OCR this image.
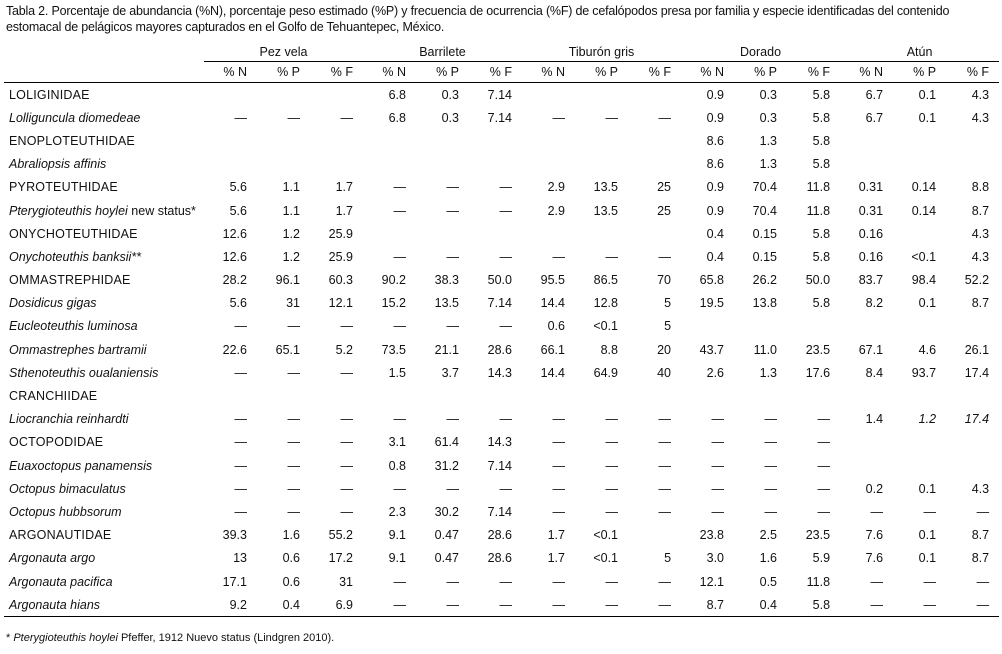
Tabla 2. Porcentaje de abundancia (%N), porcentaje peso estimado (%P) y frecuencia de ocurrencia (%F) de cefalópodos presa por familia y especie identificadas del contenido estomacal de pelágicos mayores capturados en el Golfo de Tehuantepec, México.
	Pez vela			Barrilete			Tiburón gris			Dorado			Atún		
	% N	% P	% F	% N	% P	% F	% N	% P	% F	% N	% P	% F	% N	% P	% F
LOLIGINIDAE				6.8	0.3	7.14				0.9	0.3	5.8	6.7	0.1	4.3
Lolliguncula diomedeae	—	—	—	6.8	0.3	7.14	—	—	—	0.9	0.3	5.8	6.7	0.1	4.3
ENOPLOTEUTHIDAE										8.6	1.3	5.8			
Abraliopsis affinis										8.6	1.3	5.8			
PYROTEUTHIDAE	5.6	1.1	1.7	—	—	—	2.9	13.5	25	0.9	70.4	11.8	0.31	0.14	8.8
Pterygioteuthis hoylei new status*	5.6	1.1	1.7	—	—	—	2.9	13.5	25	0.9	70.4	11.8	0.31	0.14	8.7
ONYCHOTEUTHIDAE	12.6	1.2	25.9							0.4	0.15	5.8	0.16		4.3
Onychoteuthis banksii**	12.6	1.2	25.9	—	—	—	—	—	—	0.4	0.15	5.8	0.16	<0.1	4.3
OMMASTREPHIDAE	28.2	96.1	60.3	90.2	38.3	50.0	95.5	86.5	70	65.8	26.2	50.0	83.7	98.4	52.2
Dosidicus gigas	5.6	31	12.1	15.2	13.5	7.14	14.4	12.8	5	19.5	13.8	5.8	8.2	0.1	8.7
Eucleoteuthis luminosa	—	—	—	—	—	—	0.6	<0.1	5						
Ommastrephes bartramii	22.6	65.1	5.2	73.5	21.1	28.6	66.1	8.8	20	43.7	11.0	23.5	67.1	4.6	26.1
Sthenoteuthis oualaniensis	—	—	—	1.5	3.7	14.3	14.4	64.9	40	2.6	1.3	17.6	8.4	93.7	17.4
CRANCHIIDAE															
Liocranchia reinhardti	—	—	—	—	—	—	—	—	—	—	—	—	1.4	1.2	17.4
OCTOPODIDAE	—	—	—	3.1	61.4	14.3	—	—	—	—	—	—			
Euaxoctopus panamensis	—	—	—	0.8	31.2	7.14	—	—	—	—	—	—			
Octopus bimaculatus	—	—	—	—	—	—	—	—	—	—	—	—	0.2	0.1	4.3
Octopus hubbsorum	—	—	—	2.3	30.2	7.14	—	—	—	—	—	—	—	—	—
ARGONAUTIDAE	39.3	1.6	55.2	9.1	0.47	28.6	1.7	<0.1		23.8	2.5	23.5	7.6	0.1	8.7
Argonauta argo	13	0.6	17.2	9.1	0.47	28.6	1.7	<0.1	5	3.0	1.6	5.9	7.6	0.1	8.7
Argonauta pacifica	17.1	0.6	31	—	—	—	—	—	—	12.1	0.5	11.8	—	—	—
Argonauta hians	9.2	0.4	6.9	—	—	—	—	—	—	8.7	0.4	5.8	—	—	—
* Pterygioteuthis hoylei Pfeffer, 1912 Nuevo status (Lindgren 2010).
